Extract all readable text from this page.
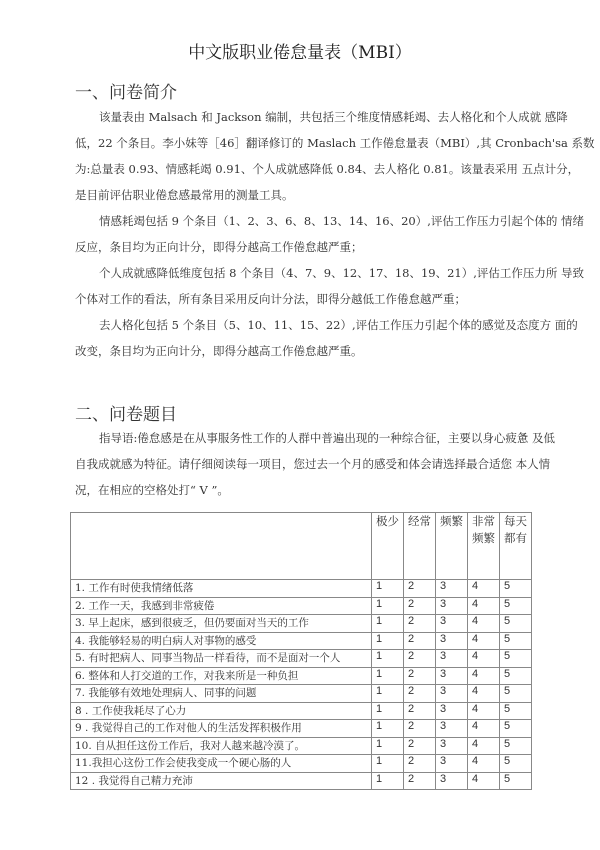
中文版职业倦怠量表（MBI）
一、问卷简介
该量表由 Malsach 和 Jackson 编制，共包括三个维度情感耗竭、去人格化和个人成就 感降
低，22 个条目。李小妹等［46］翻译修订的 Maslach 工作倦怠量表（MBI）,其 Cronbach'sa 系数
为:总量表 0.93、情感耗竭 0.91、个人成就感降低 0.84、去人格化 0.81。该量表采用 五点计分，
是目前评估职业倦怠感最常用的测量工具。
情感耗竭包括 9 个条目（1、2、3、6、8、13、14、16、20）,评估工作压力引起个体的 情绪
反应，条目均为正向计分，即得分越高工作倦怠越严重；
个人成就感降低维度包括 8 个条目（4、7、9、12、17、18、19、21）,评估工作压力所 导致
个体对工作的看法，所有条目采用反向计分法，即得分越低工作倦怠越严重；
去人格化包括 5 个条目（5、10、11、15、22）,评估工作压力引起个体的感觉及态度方 面的
改变，条目均为正向计分，即得分越高工作倦怠越严重。
二、问卷题目
指导语:倦怠感是在从事服务性工作的人群中普遍出现的一种综合征，主要以身心疲惫 及低
自我成就感为特征。请仔细阅读每一项目，您过去一个月的感受和体会请选择最合适您 本人情
况，在相应的空格处打“ V ”。
	极少	经常	频繁	非常频繁	每天都有
1. 工作有时使我情绪低落	1	2	3	4	5
2. 工作一天，我感到非常疲倦	1	2	3	4	5
3. 早上起床，感到很疲乏，但仍要面对当天的工作	1	2	3	4	5
4. 我能够轻易的明白病人对事物的感受	1	2	3	4	5
5. 有时把病人、同事当物品一样看待，而不是面对一个人	1	2	3	4	5
6. 整体和人打交道的工作，对我来所是一种负担	1	2	3	4	5
7. 我能够有效地处理病人、同事的问题	1	2	3	4	5
8 . 工作使我耗尽了心力	1	2	3	4	5
9 . 我觉得自己的工作对他人的生活发挥积极作用	1	2	3	4	5
10. 自从担任这份工作后，我对人越来越冷漠了。	1	2	3	4	5
11.我担心这份工作会使我变成一个硬心肠的人	1	2	3	4	5
12 . 我觉得自己精力充沛	1	2	3	4	5
